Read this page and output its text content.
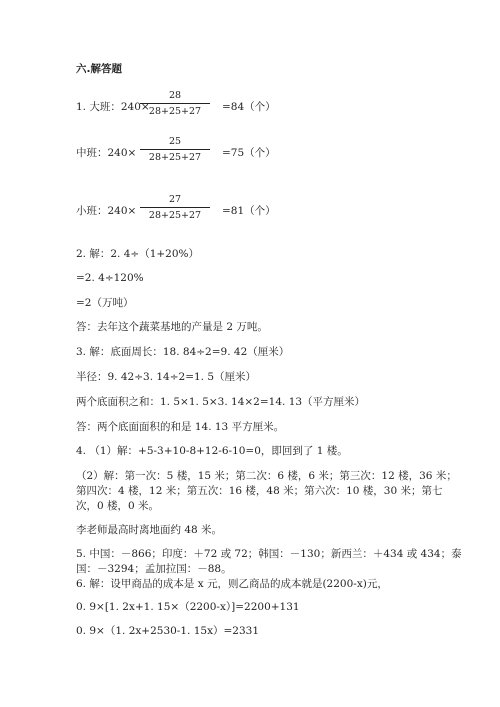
六.解答题
1. 大班：240×
28
28+25+27	=84（个）
中班：240×
25
28+25+27	=75（个）
小班：240×
27
28+25+27	=81（个）
2. 解：2. 4÷（1+20%）
=2. 4÷120%
=2（万吨）
答：去年这个蔬菜基地的产量是 2 万吨。
3. 解：底面周长：18. 84÷2=9. 42（厘米）
半径：9. 42÷3. 14÷2=1. 5（厘米）
两个底面积之和：1. 5×1. 5×3. 14×2=14. 13（平方厘米）
答：两个底面面积的和是 14. 13 平方厘米。
4. （1）解：+5-3+10-8+12-6-10=0，即回到了 1 楼。
（2）解：第一次：5 楼，15 米；第二次：6 楼，6 米；第三次：12 楼，36 米；
第四次：4 楼，12 米；第五次：16 楼，48 米；第六次：10 楼，30 米；第七
次，0 楼，0 米。
李老师最高时离地面约 48 米。
5. 中国：－866；印度：＋72 或 72；韩国：－130；新西兰：＋434 或 434；泰
国：－3294；孟加拉国：－88。
6. 解：设甲商品的成本是 x 元，则乙商品的成本就是(2200-x)元，
0. 9×[1. 2x+1. 15×（2200-x）]=2200+131
0. 9×（1. 2x+2530-1. 15x）=2331
